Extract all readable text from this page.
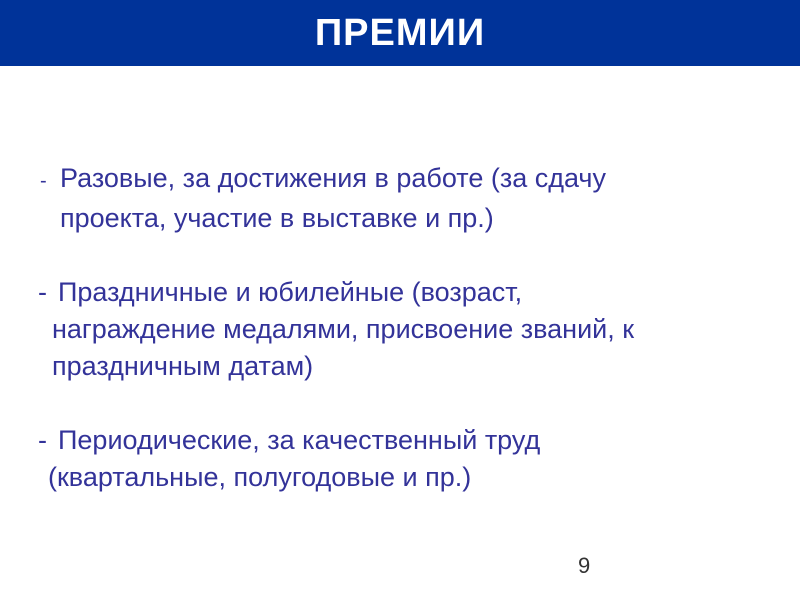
ПРЕМИИ
- Разовые, за достижения в работе (за сдачу
проекта, участие в выставке и пр.)
- Праздничные и юбилейные (возраст,
награждение медалями, присвоение званий, к
праздничным датам)
- Периодические, за качественный труд
(квартальные, полугодовые и пр.)
9
